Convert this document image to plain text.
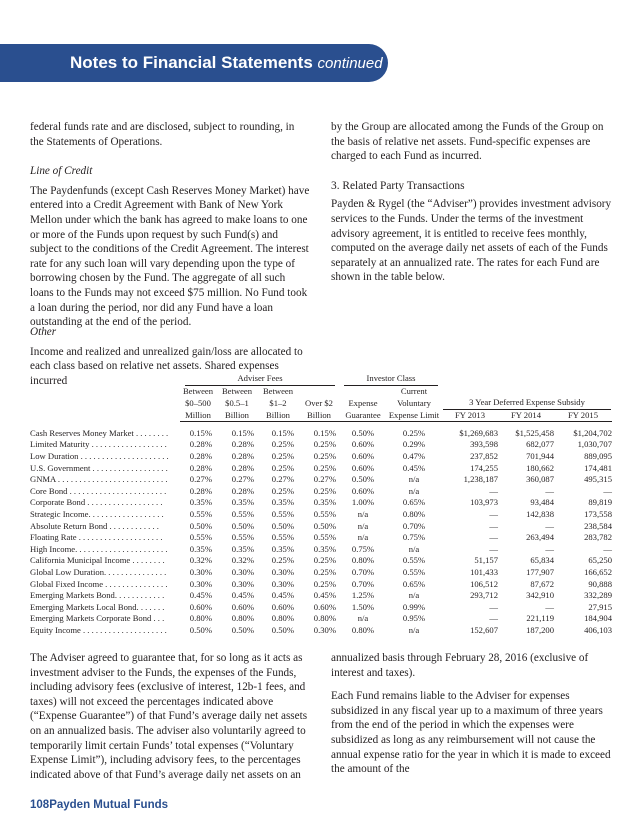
Notes to Financial Statements continued

federal funds rate and are disclosed, subject to rounding, in the Statements of Operations.

Line of Credit

The Paydenfunds (except Cash Reserves Money Market) have entered into a Credit Agreement with Bank of New York Mellon under which the bank has agreed to make loans to one or more of the Funds upon request by such Fund(s) and subject to the conditions of the Credit Agreement. The interest rate for any such loan will vary depending upon the type of borrowing chosen by the Fund. The aggregate of all such loans to the Funds may not exceed $75 million. No Fund took a loan during the period, nor did any Fund have a loan outstanding at the end of the period.

Other

Income and realized and unrealized gain/loss are allocated to each class based on relative net assets. Shared expenses incurred

by the Group are allocated among the Funds of the Group on the basis of relative net assets. Fund-specific expenses are charged to each Fund as incurred.

3. Related Party Transactions

Payden & Rygel (the “Adviser”) provides investment advisory services to the Funds. Under the terms of the investment advisory agreement, it is entitled to receive fees monthly, computed on the average daily net assets of each of the Funds separately at an annualized rate. The rates for each Fund are shown in the table below.

	Adviser Fees				Investor Class				
	Between	Between	Between			Current			
	$0–500	$0.5–1	$1–2	Over $2	Expense	Voluntary	3 Year Deferred Expense Subsidy		
	Million	Billion	Billion	Billion	Guarantee	Expense Limit	FY 2013	FY 2014	FY 2015

Cash Reserves Money Market . . . . . . . .	0.15%	0.15%	0.15%	0.15%	0.50%	0.25%	$1,269,683	$1,525,458	$1,204,702
Limited Maturity . . . . . . . . . . . . . . . . . .	0.28%	0.28%	0.25%	0.25%	0.60%	0.29%	393,598	682,077	1,030,707
Low Duration . . . . . . . . . . . . . . . . . . . . .	0.28%	0.28%	0.25%	0.25%	0.60%	0.47%	237,852	701,944	889,095
U.S. Government . . . . . . . . . . . . . . . . . .	0.28%	0.28%	0.25%	0.25%	0.60%	0.45%	174,255	180,662	174,481
GNMA . . . . . . . . . . . . . . . . . . . . . . . . . .	0.27%	0.27%	0.27%	0.27%	0.50%	n/a	1,238,187	360,087	495,315
Core Bond . . . . . . . . . . . . . . . . . . . . . . .	0.28%	0.28%	0.25%	0.25%	0.60%	n/a	—	—	—
Corporate Bond . . . . . . . . . . . . . . . . . .	0.35%	0.35%	0.35%	0.35%	1.00%	0.65%	103,973	93,484	89,819
Strategic Income. . . . . . . . . . . . . . . . . .	0.55%	0.55%	0.55%	0.55%	n/a	0.80%	—	142,838	173,558
Absolute Return Bond . . . . . . . . . . . .	0.50%	0.50%	0.50%	0.50%	n/a	0.70%	—	—	238,584
Floating Rate . . . . . . . . . . . . . . . . . . . .	0.55%	0.55%	0.55%	0.55%	n/a	0.75%	—	263,494	283,782
High Income. . . . . . . . . . . . . . . . . . . . . .	0.35%	0.35%	0.35%	0.35%	0.75%	n/a	—	—	—
California Municipal Income . . . . . . . .	0.32%	0.32%	0.25%	0.25%	0.80%	0.55%	51,157	65,834	65,250
Global Low Duration. . . . . . . . . . . . . . .	0.30%	0.30%	0.30%	0.25%	0.70%	0.55%	101,433	177,907	166,652
Global Fixed Income . . . . . . . . . . . . . . .	0.30%	0.30%	0.30%	0.25%	0.70%	0.65%	106,512	87,672	90,888
Emerging Markets Bond. . . . . . . . . . . .	0.45%	0.45%	0.45%	0.45%	1.25%	n/a	293,712	342,910	332,289
Emerging Markets Local Bond. . . . . . .	0.60%	0.60%	0.60%	0.60%	1.50%	0.99%	—	—	27,915
Emerging Markets Corporate Bond . . .	0.80%	0.80%	0.80%	0.80%	n/a	0.95%	—	221,119	184,904
Equity Income . . . . . . . . . . . . . . . . . . . .	0.50%	0.50%	0.50%	0.30%	0.80%	n/a	152,607	187,200	406,103

The Adviser agreed to guarantee that, for so long as it acts as investment adviser to the Funds, the expenses of the Funds, including advisory fees (exclusive of interest, 12b-1 fees, and taxes) will not exceed the percentages indicated above (“Expense Guarantee”) of that Fund’s average daily net assets on an annualized basis. The adviser also voluntarily agreed to temporarily limit certain Funds’ total expenses (“Voluntary Expense Limit”), including advisory fees, to the percentages indicated above of that Fund’s average daily net assets on an

annualized basis through February 28, 2016 (exclusive of interest and taxes).

Each Fund remains liable to the Adviser for expenses subsidized in any fiscal year up to a maximum of three years from the end of the period in which the expenses were subsidized as long as any reimbursement will not cause the annual expense ratio for the year in which it is made to exceed the amount of the

108Payden Mutual Funds
